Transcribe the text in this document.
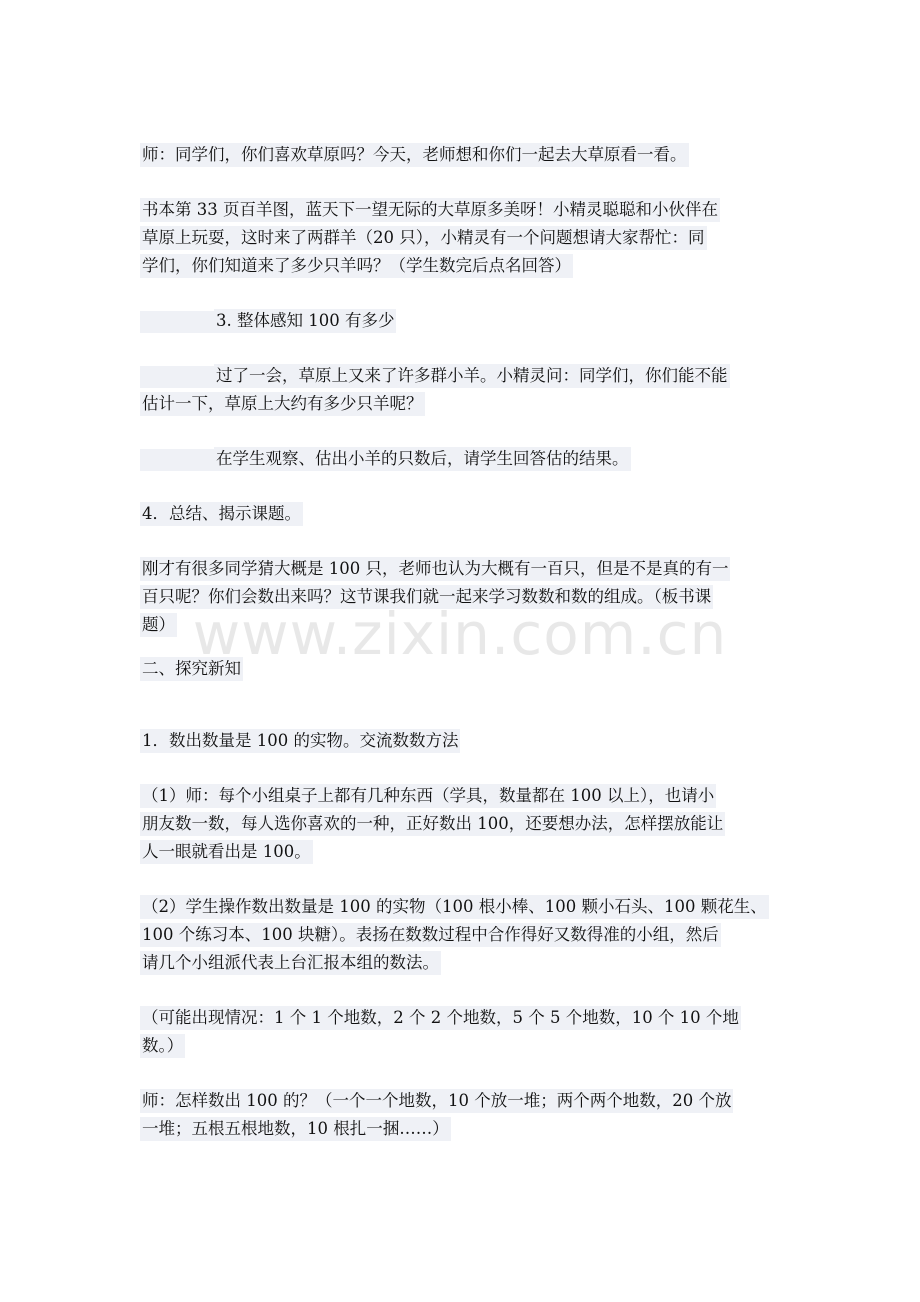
师：同学们，你们喜欢草原吗？今天，老师想和你们一起去大草原看一看。

书本第 33 页百羊图，蓝天下一望无际的大草原多美呀！小精灵聪聪和小伙伴在
草原上玩耍，这时来了两群羊（20 只），小精灵有一个问题想请大家帮忙：同
学们，你们知道来了多少只羊吗？（学生数完后点名回答）

3. 整体感知 100 有多少

过了一会，草原上又来了许多群小羊。小精灵问：同学们，你们能不能
估计一下，草原上大约有多少只羊呢？

在学生观察、估出小羊的只数后，请学生回答估的结果。

4．总结、揭示课题。

刚才有很多同学猜大概是 100 只，老师也认为大概有一百只，但是不是真的有一
百只呢？你们会数出来吗？这节课我们就一起来学习数数和数的组成。（板书课
题）

二、探究新知

1．数出数量是 100 的实物。交流数数方法

（1）师：每个小组桌子上都有几种东西（学具，数量都在 100 以上），也请小
朋友数一数，每人选你喜欢的一种，正好数出 100，还要想办法，怎样摆放能让
人一眼就看出是 100。

（2）学生操作数出数量是 100 的实物（100 根小棒、100 颗小石头、100 颗花生、
100 个练习本、100 块糖）。表扬在数数过程中合作得好又数得准的小组，然后
请几个小组派代表上台汇报本组的数法。

（可能出现情况：1 个 1 个地数，2 个 2 个地数，5 个 5 个地数，10 个 10 个地
数。）

师：怎样数出 100 的？（一个一个地数，10 个放一堆；两个两个地数，20 个放
一堆；五根五根地数，10 根扎一捆……）

www.zixin.com.cn
